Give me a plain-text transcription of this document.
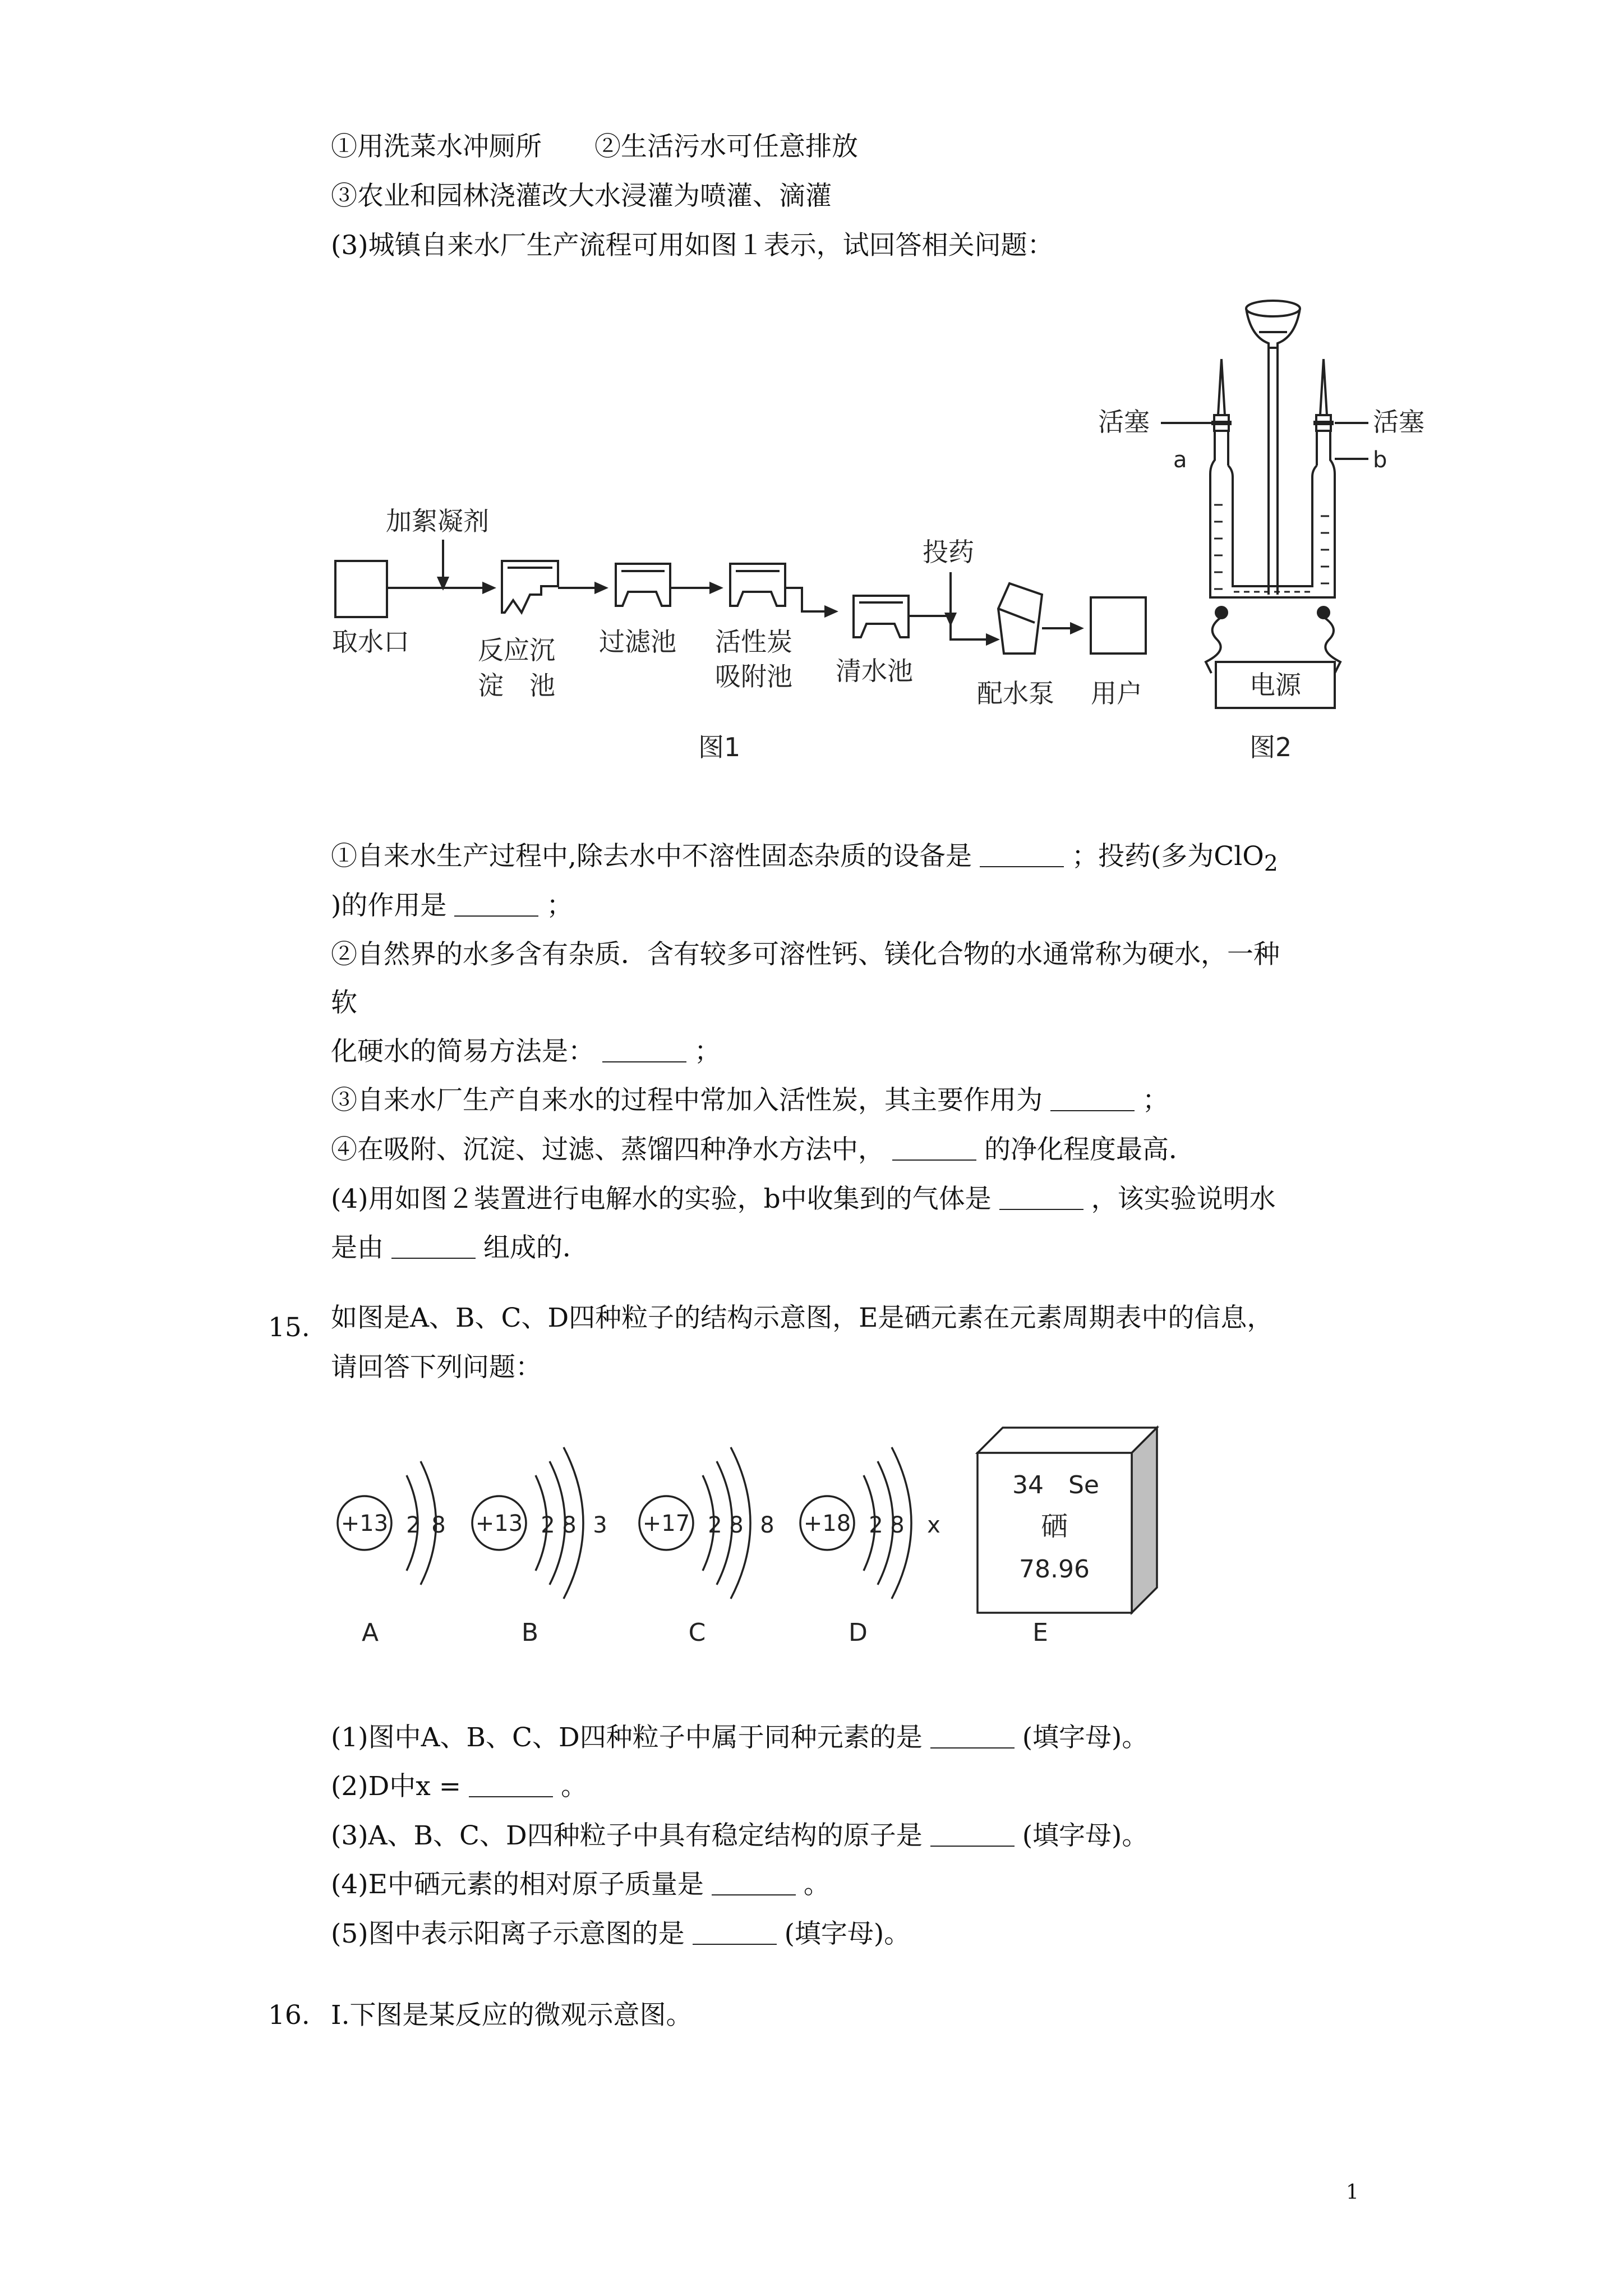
①用洗菜水冲厕所　　②生活污水可任意排放
③农业和园林浇灌改大水浸灌为喷灌、滴灌
(3)城镇自来水厂生产流程可用如图１表示，试回答相关问题：
加絮凝剂
投药
取水口	反应沉
淀　池
过滤池 活性炭
吸附池 清水池
配水泵 用户
图1
活塞	活塞
a	b
电源
图2
①自来水生产过程中,除去水中不溶性固态杂质的设备是	；投药(多为ClO$_2$
)的作用是	；
②自然界的水多含有杂质．含有较多可溶性钙、镁化合物的水通常称为硬水，一种
软
化硬水的简易方法是：	；
③自来水厂生产自来水的过程中常加入活性炭，其主要作用为	；
④在吸附、沉淀、过滤、蒸馏四种净水方法中，	的净化程度最高．
(4)用如图２装置进行电解水的实验，b中收集到的气体是	，该实验说明水
是由	组成的．
15. 如图是A、B、C、D四种粒子的结构示意图，E是硒元素在元素周期表中的信息，
请回答下列问题：
+13 2 8 +13 2 8 3 +17 2 8 8 +18 2 8 x
34 Se
硒
78.96
A	B	C	D	E
(1)图中A、B、C、D四种粒子中属于同种元素的是	(填字母)。
(2)D中x =	。
(3)A、B、C、D四种粒子中具有稳定结构的原子是	(填字母)。
(4)E中硒元素的相对原子质量是	。
(5)图中表示阳离子示意图的是	(填字母)。
16. Ⅰ.下图是某反应的微观示意图。
1
